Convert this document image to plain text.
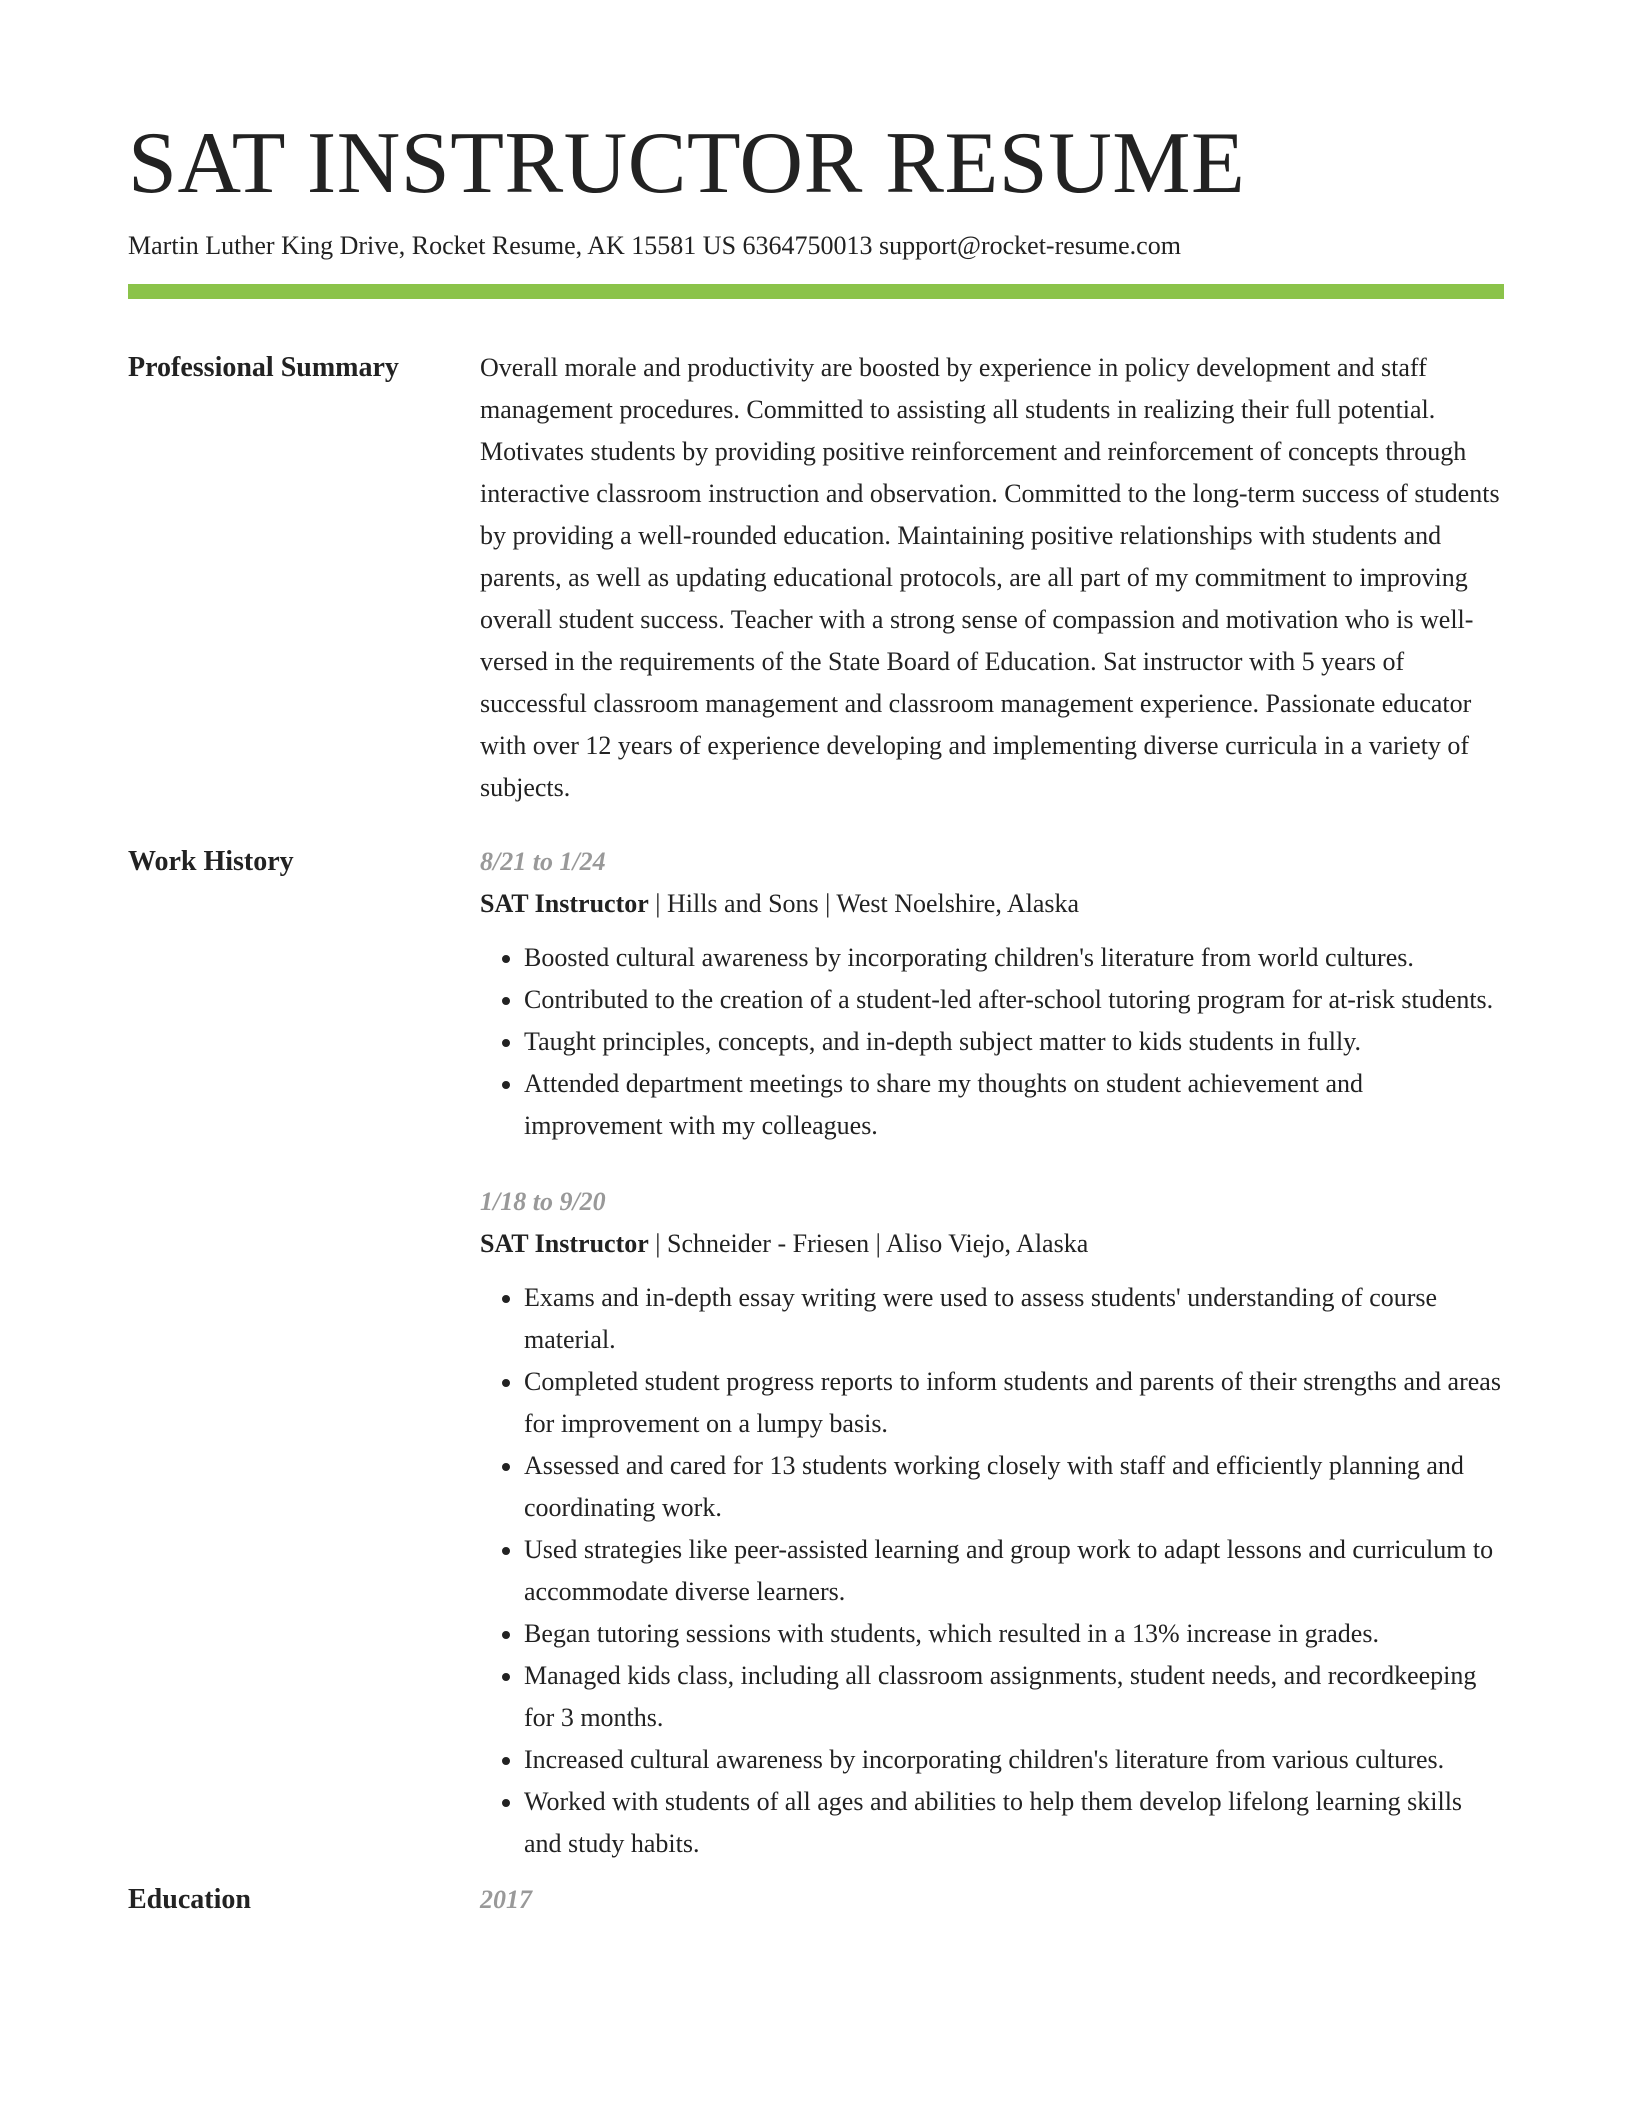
SAT INSTRUCTOR RESUME
Martin Luther King Drive, Rocket Resume, AK 15581 US 6364750013 support@rocket-resume.com
Professional Summary	Overall morale and productivity are boosted by experience in policy development and staff management procedures. Committed to assisting all students in realizing their full potential. Motivates students by providing positive reinforcement and reinforcement of concepts through interactive classroom instruction and observation. Committed to the long-term success of students by providing a well-rounded education. Maintaining positive relationships with students and parents, as well as updating educational protocols, are all part of my commitment to improving overall student success. Teacher with a strong sense of compassion and motivation who is well-versed in the requirements of the State Board of Education. Sat instructor with 5 years of successful classroom management and classroom management experience. Passionate educator with over 12 years of experience developing and implementing diverse curricula in a variety of subjects.
Work History	8/21 to 1/24
SAT Instructor | Hills and Sons | West Noelshire, Alaska
• Boosted cultural awareness by incorporating children's literature from world cultures.
• Contributed to the creation of a student-led after-school tutoring program for at-risk students.
• Taught principles, concepts, and in-depth subject matter to kids students in fully.
• Attended department meetings to share my thoughts on student achievement and improvement with my colleagues.
1/18 to 9/20
SAT Instructor | Schneider - Friesen | Aliso Viejo, Alaska
• Exams and in-depth essay writing were used to assess students' understanding of course material.
• Completed student progress reports to inform students and parents of their strengths and areas for improvement on a lumpy basis.
• Assessed and cared for 13 students working closely with staff and efficiently planning and coordinating work.
• Used strategies like peer-assisted learning and group work to adapt lessons and curriculum to accommodate diverse learners.
• Began tutoring sessions with students, which resulted in a 13% increase in grades.
• Managed kids class, including all classroom assignments, student needs, and recordkeeping for 3 months.
• Increased cultural awareness by incorporating children's literature from various cultures.
• Worked with students of all ages and abilities to help them develop lifelong learning skills and study habits.
Education	2017
